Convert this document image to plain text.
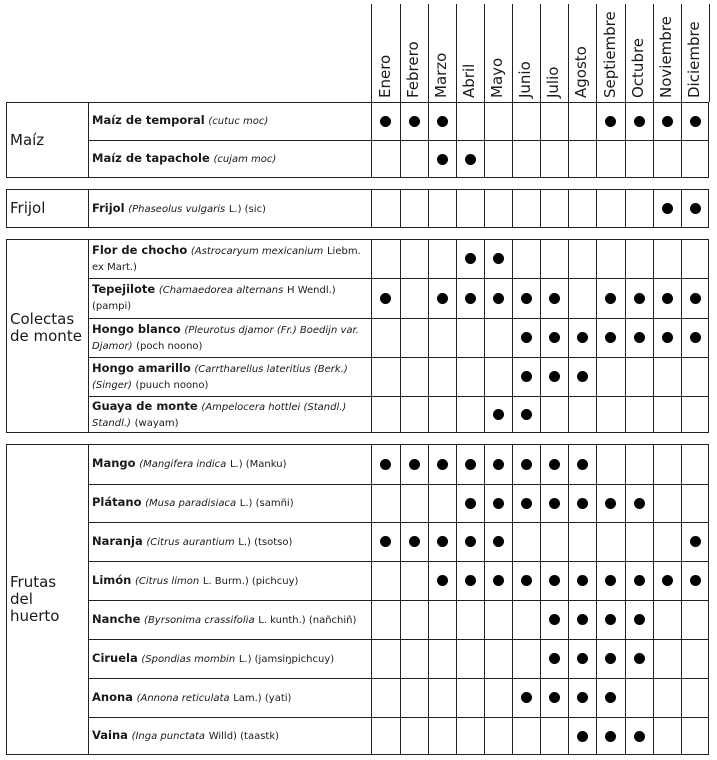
Enero Febrero Marzo Abril Mayo Junio Julio Agosto Septiembre Octubre Noviembre Diciembre
Maíz
Maíz de temporal (cutuc moc)
Maíz de tapachole (cujam moc)
Frijol	Frijol (Phaseolus vulgaris L.) (sic)
Colectas de monte
Flor de chocho (Astrocaryum mexicanium Liebm. ex Mart.)
Tepejilote (Chamaedorea alternans H Wendl.) (pampi)
Hongo blanco (Pleurotus djamor (Fr.) Boedijn var. Djamor) (poch noono)
Hongo amarillo (Carrtharellus lateritius (Berk.) (Singer) (puuch noono)
Guaya de monte (Ampelocera hottlei (Standl.) Standl.) (wayam)
Frutas del huerto
Mango (Mangifera indica L.) (Manku)
Plátano (Musa paradisiaca L.) (samñi)
Naranja (Citrus aurantium L.) (tsotso)
Limón (Citrus limon L. Burm.) (pichcuy)
Nanche (Byrsonima crassifolia L. kunth.) (nañchiñ)
Ciruela (Spondias mombin L.) (jamsiŋpichcuy)
Anona (Annona reticulata Lam.) (yati)
Vaina (Inga punctata Willd) (taastk)
